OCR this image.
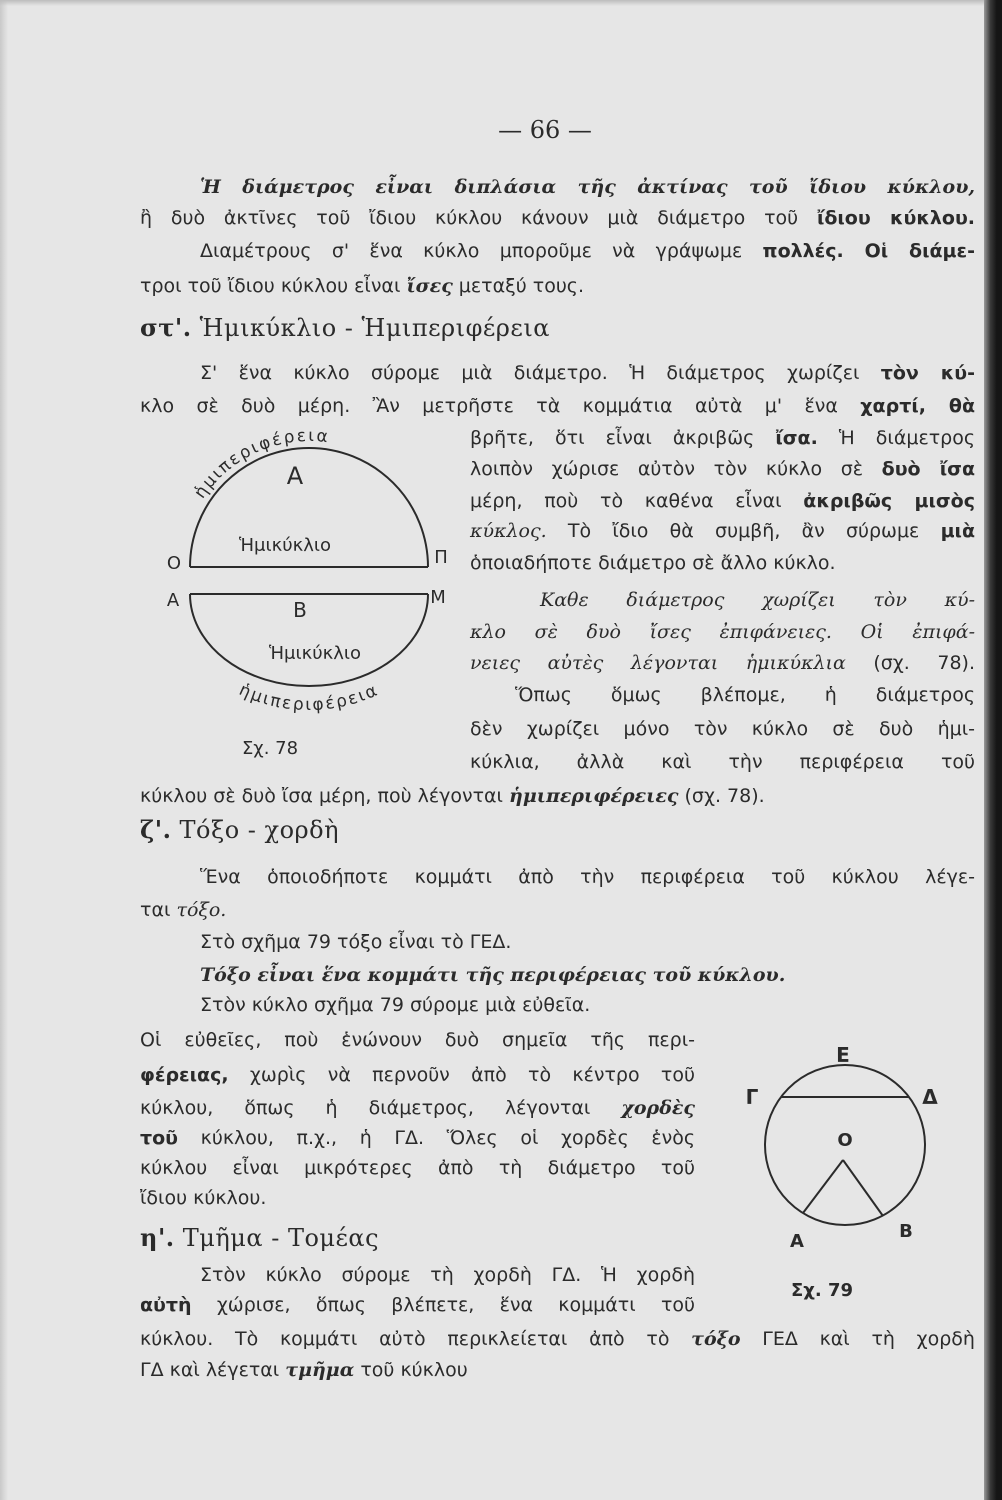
— 66 —
Ἡ διάμετρος εἶναι διπλάσια τῆς ἀκτίνας τοῦ ἴδιου κύκλου,
ἢ δυὸ ἀκτῖνες τοῦ ἴδιου κύκλου κάνουν μιὰ διάμετρο τοῦ ἴδιου κύκλου.
Διαμέτρους σ' ἕνα κύκλο μποροῦμε νὰ γράψωμε πολλές. Οἱ διάμε-
τροι τοῦ ἴδιου κύκλου εἶναι ἴσες μεταξύ τους.
στ'. Ἡμικύκλιο - Ἡμιπεριφέρεια
Σ' ἕνα κύκλο σύρομε μιὰ διάμετρο. Ἡ διάμετρος χωρίζει τὸν κύ-
κλο σὲ δυὸ μέρη. Ἂν μετρῆστε τὰ κομμάτια αὐτὰ μ' ἕνα χαρτί, θὰ
βρῆτε, ὅτι εἶναι ἀκριβῶς ἴσα. Ἡ διάμετρος
λοιπὸν χώρισε αὐτὸν τὸν κύκλο σὲ δυὸ ἴσα
μέρη, ποὺ τὸ καθένα εἶναι ἀκριβῶς μισὸς
κύκλος. Τὸ ἴδιο θὰ συμβῆ, ἂν σύρωμε μιὰ
ὁποιαδήποτε διάμετρο σὲ ἄλλο κύκλο.
Καθε διάμετρος χωρίζει τὸν κύ-
κλο σὲ δυὸ ἴσες ἐπιφάνειες. Οἱ ἐπιφά-
νειες αὐτὲς λέγονται ἡμικύκλια (σχ. 78).
Ὅπως ὅμως βλέπομε, ἡ διάμετρος
δὲν χωρίζει μόνο τὸν κύκλο σὲ δυὸ ἡμι-
κύκλια, ἀλλὰ καὶ τὴν περιφέρεια τοῦ
κύκλου σὲ δυὸ ἴσα μέρη, ποὺ λέγονται ἡμιπεριφέρειες (σχ. 78).
ἡμιπεριφέρεια
Α
Ἡμικύκλιο
Ο	Π
Α	Μ
Β
Ἡμικύκλιο
ἡμιπεριφέρεια
Σχ. 78
ζ'. Τόξο - χορδὴ
Ἕνα ὁποιοδήποτε κομμάτι ἀπὸ τὴν περιφέρεια τοῦ κύκλου λέγε-
ται τόξο.
Στὸ σχῆμα 79 τόξο εἶναι τὸ ΓΕΔ.
Τόξο εἶναι ἕνα κομμάτι τῆς περιφέρειας τοῦ κύκλου.
Στὸν κύκλο σχῆμα 79 σύρομε μιὰ εὐθεῖα.
Οἱ εὐθεῖες, ποὺ ἑνώνουν δυὸ σημεῖα τῆς περι-
φέρειας, χωρὶς νὰ περνοῦν ἀπὸ τὸ κέντρο τοῦ
κύκλου, ὅπως ἡ διάμετρος, λέγονται χορδὲς
τοῦ κύκλου, π.χ., ἡ ΓΔ. Ὅλες οἱ χορδὲς ἑνὸς
κύκλου εἶναι μικρότερες ἀπὸ τὴ διάμετρο τοῦ
ἴδιου κύκλου.
η'. Τμῆμα - Τομέας
Στὸν κύκλο σύρομε τὴ χορδὴ ΓΔ. Ἡ χορδὴ
αὐτὴ χώρισε, ὅπως βλέπετε, ἕνα κομμάτι τοῦ
κύκλου. Τὸ κομμάτι αὐτὸ περικλείεται ἀπὸ τὸ τόξο ΓΕΔ καὶ τὴ χορδὴ
ΓΔ καὶ λέγεται τμῆμα τοῦ κύκλου
Ε
Γ	Δ
Ο
Α	Β
Σχ. 79
